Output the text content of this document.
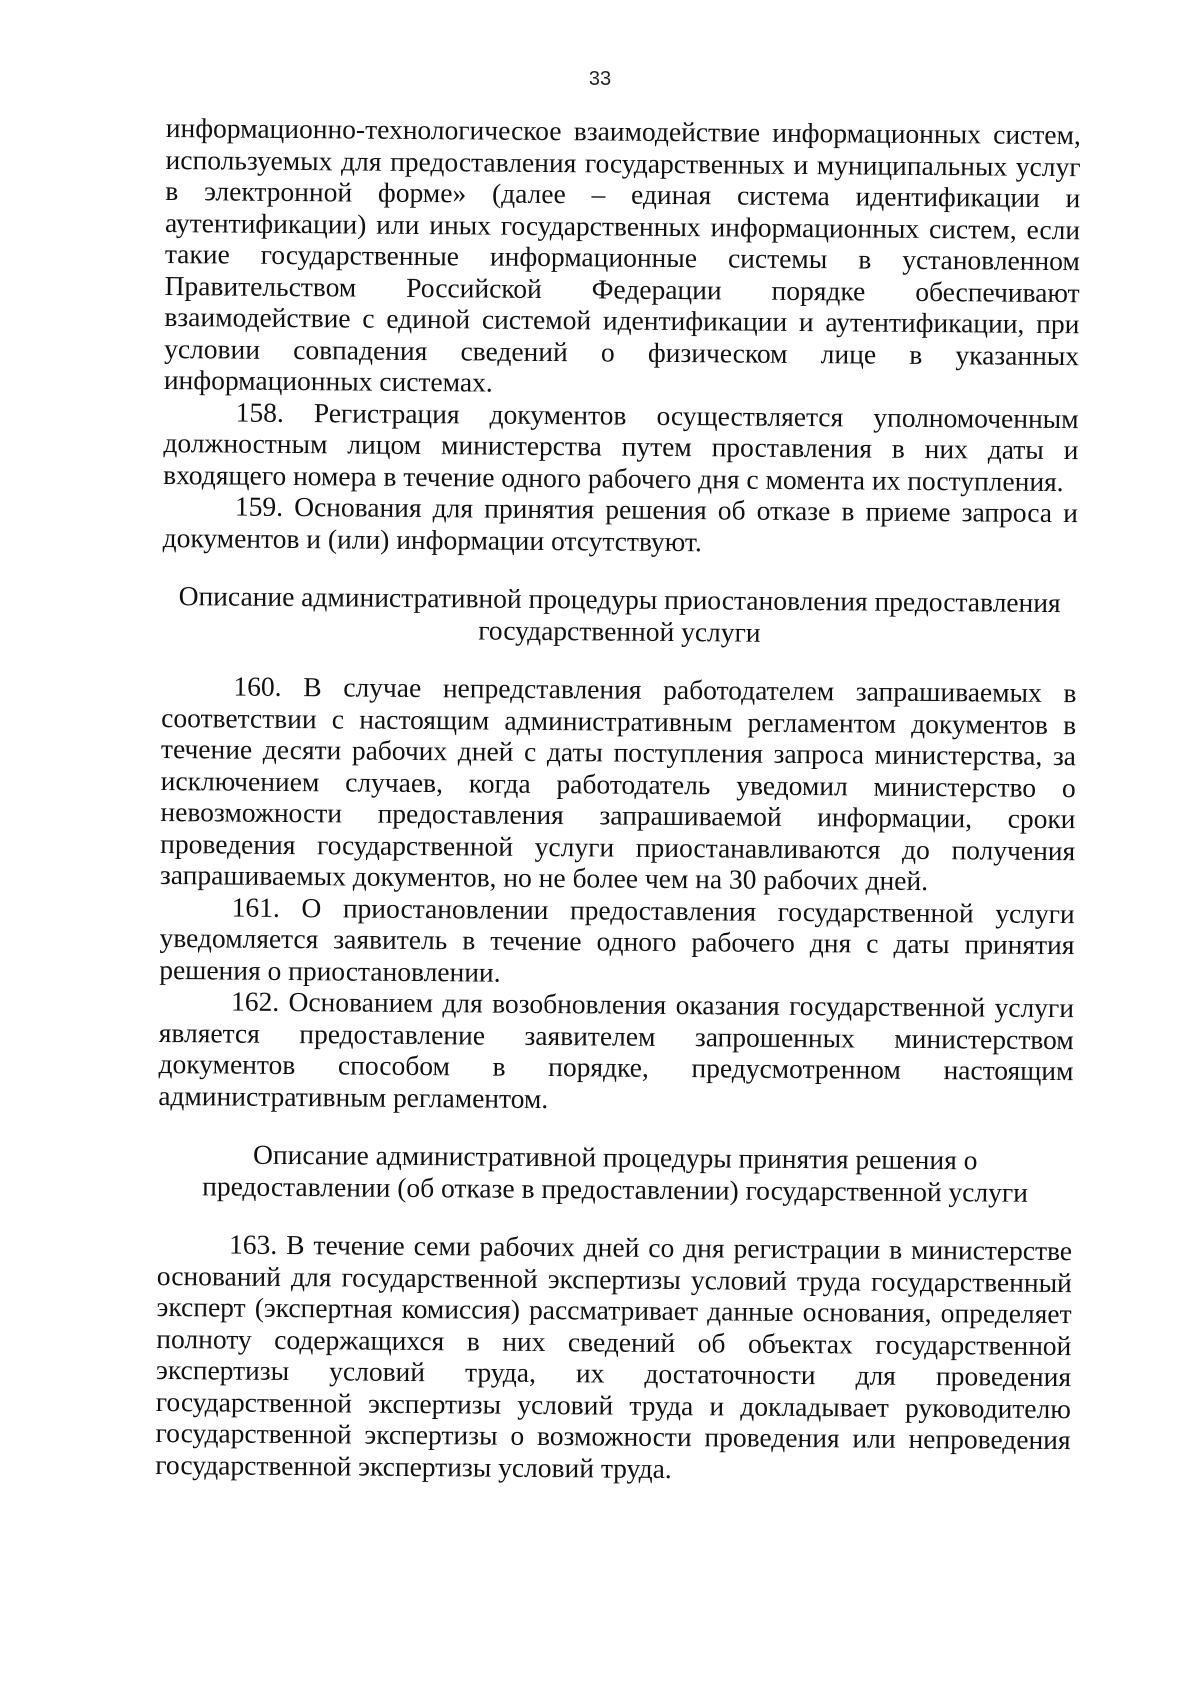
33

информационно-технологическое взаимодействие информационных систем, используемых для предоставления государственных и муниципальных услуг в электронной форме» (далее – единая система идентификации и аутентификации) или иных государственных информационных систем, если такие государственные информационные системы в установленном Правительством Российской Федерации порядке обеспечивают взаимодействие с единой системой идентификации и аутентификации, при условии совпадения сведений о физическом лице в указанных информационных системах.

158. Регистрация документов осуществляется уполномоченным должностным лицом министерства путем проставления в них даты и входящего номера в течение одного рабочего дня с момента их поступления.

159. Основания для принятия решения об отказе в приеме запроса и документов и (или) информации отсутствуют.

Описание административной процедуры приостановления предоставления государственной услуги

160. В случае непредставления работодателем запрашиваемых в соответствии с настоящим административным регламентом документов в течение десяти рабочих дней с даты поступления запроса министерства, за исключением случаев, когда работодатель уведомил министерство о невозможности предоставления запрашиваемой информации, сроки проведения государственной услуги приостанавливаются до получения запрашиваемых документов, но не более чем на 30 рабочих дней.

161. О приостановлении предоставления государственной услуги уведомляется заявитель в течение одного рабочего дня с даты принятия решения о приостановлении.

162. Основанием для возобновления оказания государственной услуги является предоставление заявителем запрошенных министерством документов способом в порядке, предусмотренном настоящим административным регламентом.

Описание административной процедуры принятия решения о предоставлении (об отказе в предоставлении) государственной услуги

163. В течение семи рабочих дней со дня регистрации в министерстве оснований для государственной экспертизы условий труда государственный эксперт (экспертная комиссия) рассматривает данные основания, определяет полноту содержащихся в них сведений об объектах государственной экспертизы условий труда, их достаточности для проведения государственной экспертизы условий труда и докладывает руководителю государственной экспертизы о возможности проведения или непроведения государственной экспертизы условий труда.
